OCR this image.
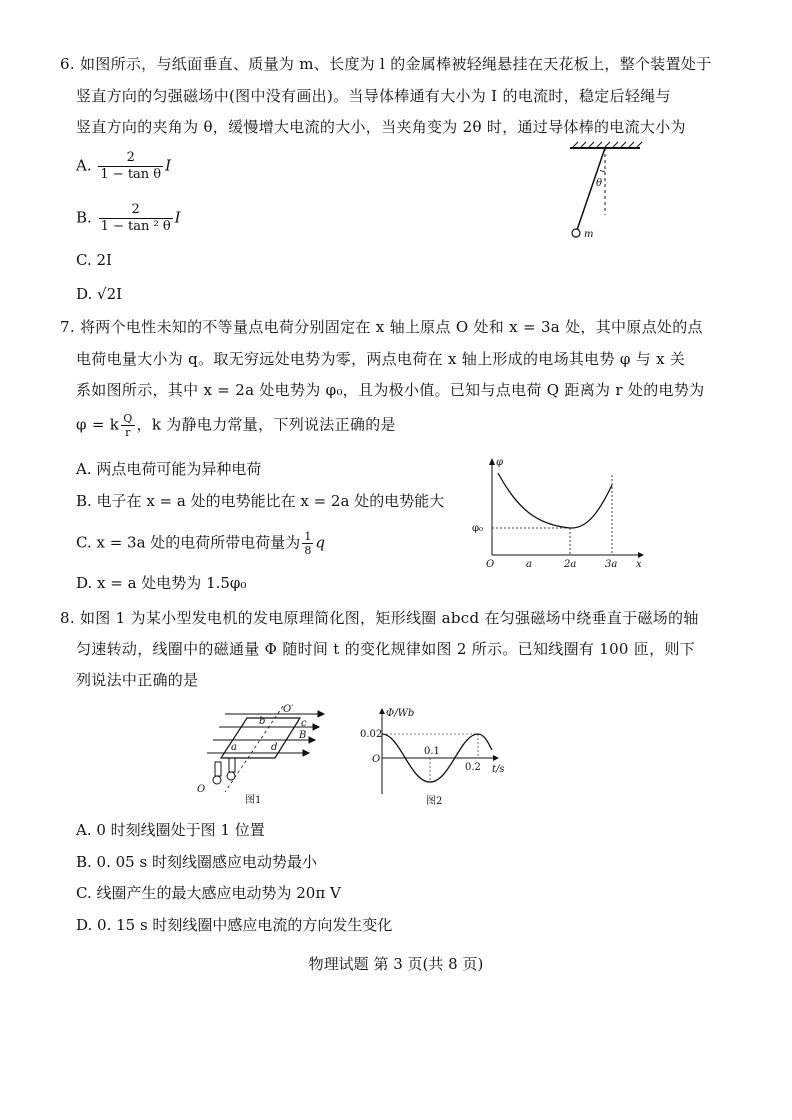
6. 如图所示，与纸面垂直、质量为 m、长度为 l 的金属棒被轻绳悬挂在天花板上，整个装置处于
竖直方向的匀强磁场中(图中没有画出)。当导体棒通有大小为 I 的电流时，稳定后轻绳与
竖直方向的夹角为 θ，缓慢增大电流的大小，当夹角变为 2θ 时，通过导体棒的电流大小为
A. $\frac{2}{\text{1 − tan θ}}$ I
B. $\frac{2}{\text{1 − tan ² θ}}$ I
C. 2I
D. √2I
θ
m
7. 将两个电性未知的不等量点电荷分别固定在 x 轴上原点 O 处和 x = 3a 处，其中原点处的点
电荷电量大小为 q。取无穷远处电势为零，两点电荷在 x 轴上形成的电场其电势 φ 与 x 关
系如图所示，其中 x = 2a 处电势为 φ₀，且为极小值。已知与点电荷 Q 距离为 r 处的电势为
φ = k $\frac{Q}{r}$ ，k 为静电力常量，下列说法正确的是
A. 两点电荷可能为异种电荷
B. 电子在 x = a 处的电势能比在 x = 2a 处的电势能大
C. x = 3a 处的电荷所带电荷量为 $\frac{1}{8}$ q
D. x = a 处电势为 1.5φ₀
φ
x
O
φ₀
a	2a	3a
8. 如图 1 为某小型发电机的发电原理简化图，矩形线圈 abcd 在匀强磁场中绕垂直于磁场的轴
匀速转动，线圈中的磁通量 Φ 随时间 t 的变化规律如图 2 所示。已知线圈有 100 匝，则下
列说法中正确的是
O′
O
b	c
a	d
B
图1
Φ/Wb
0.02
O
0.1
0.2 t/s
图2
A. 0 时刻线圈处于图 1 位置
B. 0. 05 s 时刻线圈感应电动势最小
C. 线圈产生的最大感应电动势为 20π V
D. 0. 15 s 时刻线圈中感应电流的方向发生变化
物理试题 第 3 页(共 8 页)
